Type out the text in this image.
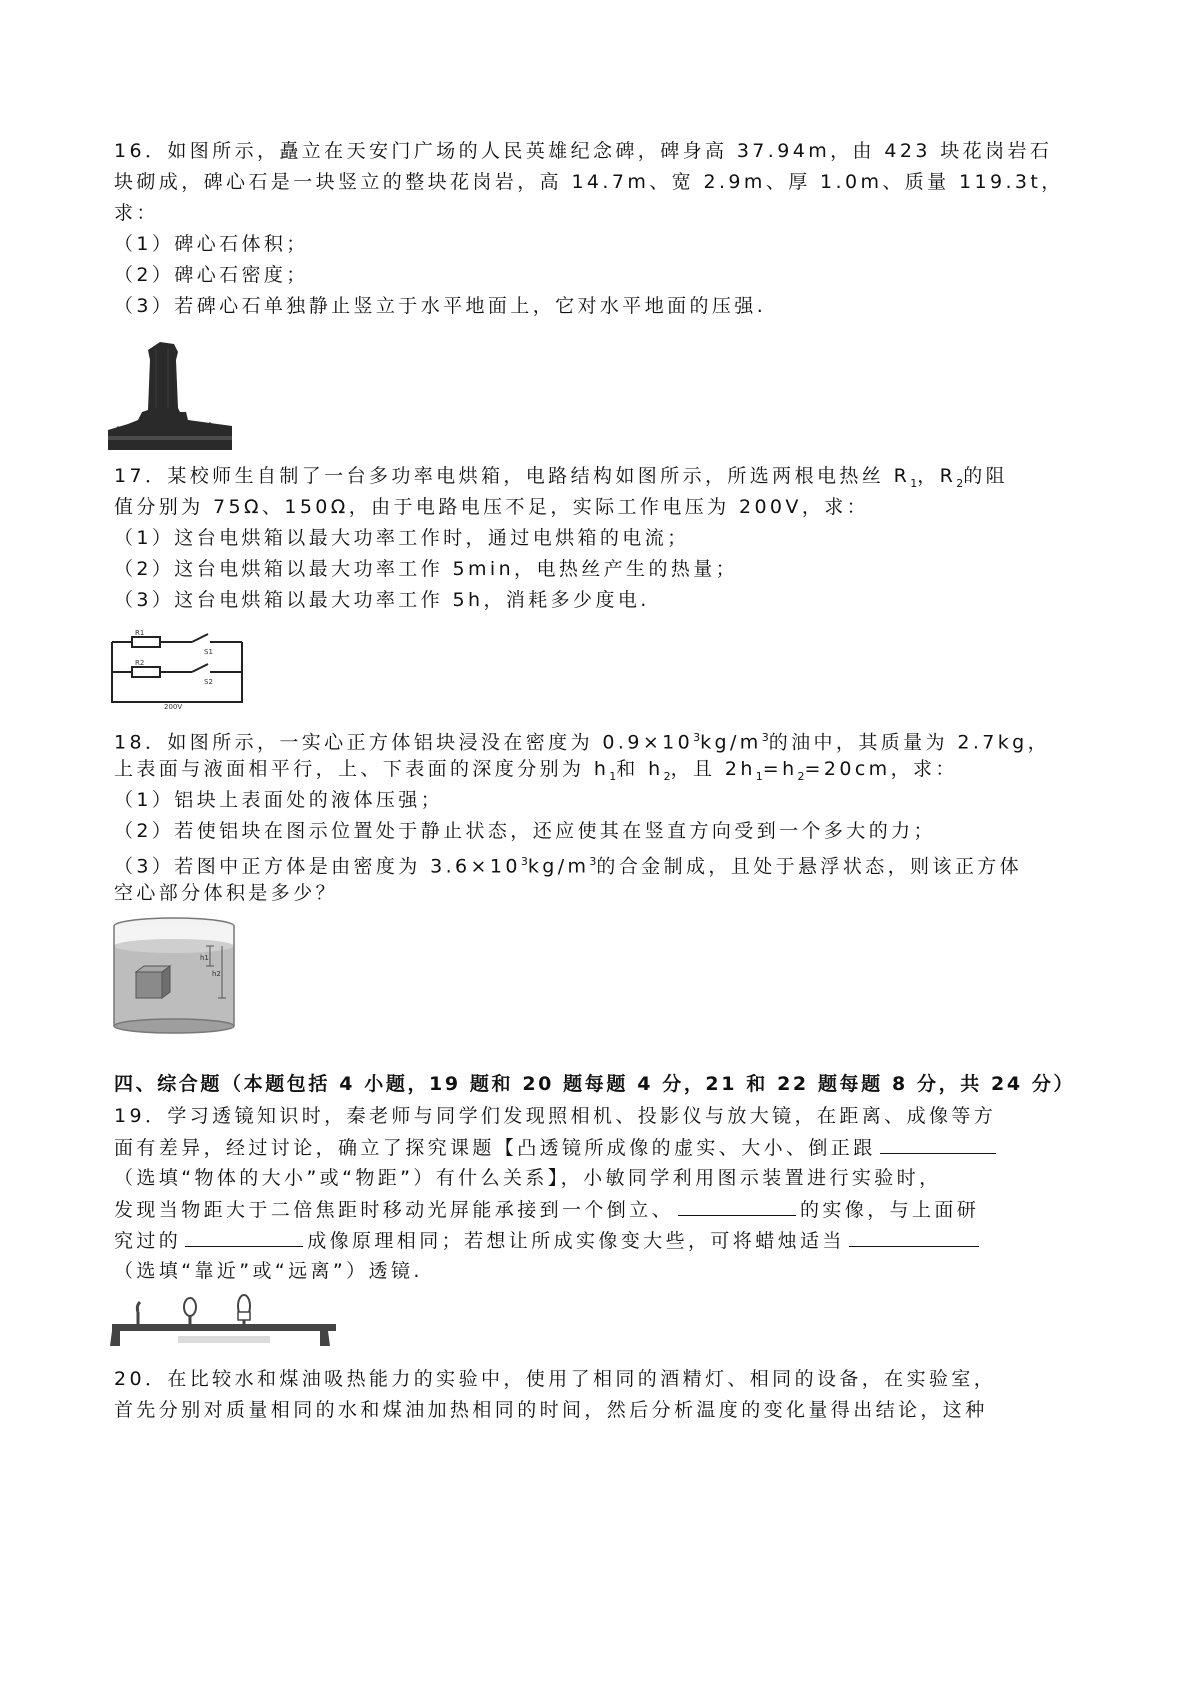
16．如图所示，矗立在天安门广场的人民英雄纪念碑，碑身高 37.94m，由 423 块花岗岩石
块砌成，碑心石是一块竖立的整块花岗岩，高 14.7m、宽 2.9m、厚 1.0m、质量 119.3t，
求：
（1）碑心石体积；
（2）碑心石密度；
（3）若碑心石单独静止竖立于水平地面上，它对水平地面的压强.
17．某校师生自制了一台多功率电烘箱，电路结构如图所示，所选两根电热丝 $R_1$，$R_2$的阻
值分别为 75Ω、150Ω，由于电路电压不足，实际工作电压为 200V，求：
（1）这台电烘箱以最大功率工作时，通过电烘箱的电流；
（2）这台电烘箱以最大功率工作 5min，电热丝产生的热量；
（3）这台电烘箱以最大功率工作 5h，消耗多少度电.
R1
S1
R2
S2
200V
18．如图所示，一实心正方体铝块浸没在密度为 $0.9\times 10^3kg/m^3$的油中，其质量为 2.7kg，
上表面与液面相平行，上、下表面的深度分别为 $h_1$和 $h_2$，且 $2h_1=h_2=20cm$，求：
（1）铝块上表面处的液体压强；
（2）若使铝块在图示位置处于静止状态，还应使其在竖直方向受到一个多大的力；
（3）若图中正方体是由密度为 $3.6\times 10^3kg/m^3$的合金制成，且处于悬浮状态，则该正方体
空心部分体积是多少？
h1
h2
四、综合题（本题包括 4 小题，19 题和 20 题每题 4 分，21 和 22 题每题 8 分，共 24 分）
19．学习透镜知识时，秦老师与同学们发现照相机、投影仪与放大镜，在距离、成像等方
面有差异，经过讨论，确立了探究课题【凸透镜所成像的虚实、大小、倒正跟
（选填“物体的大小”或“物距”）有什么关系】，小敏同学利用图示装置进行实验时，
发现当物距大于二倍焦距时移动光屏能承接到一个倒立、	的实像，与上面研
究过的	成像原理相同；若想让所成实像变大些，可将蜡烛适当
（选填“靠近”或“远离”）透镜.
20．在比较水和煤油吸热能力的实验中，使用了相同的酒精灯、相同的设备，在实验室，
首先分别对质量相同的水和煤油加热相同的时间，然后分析温度的变化量得出结论，这种
